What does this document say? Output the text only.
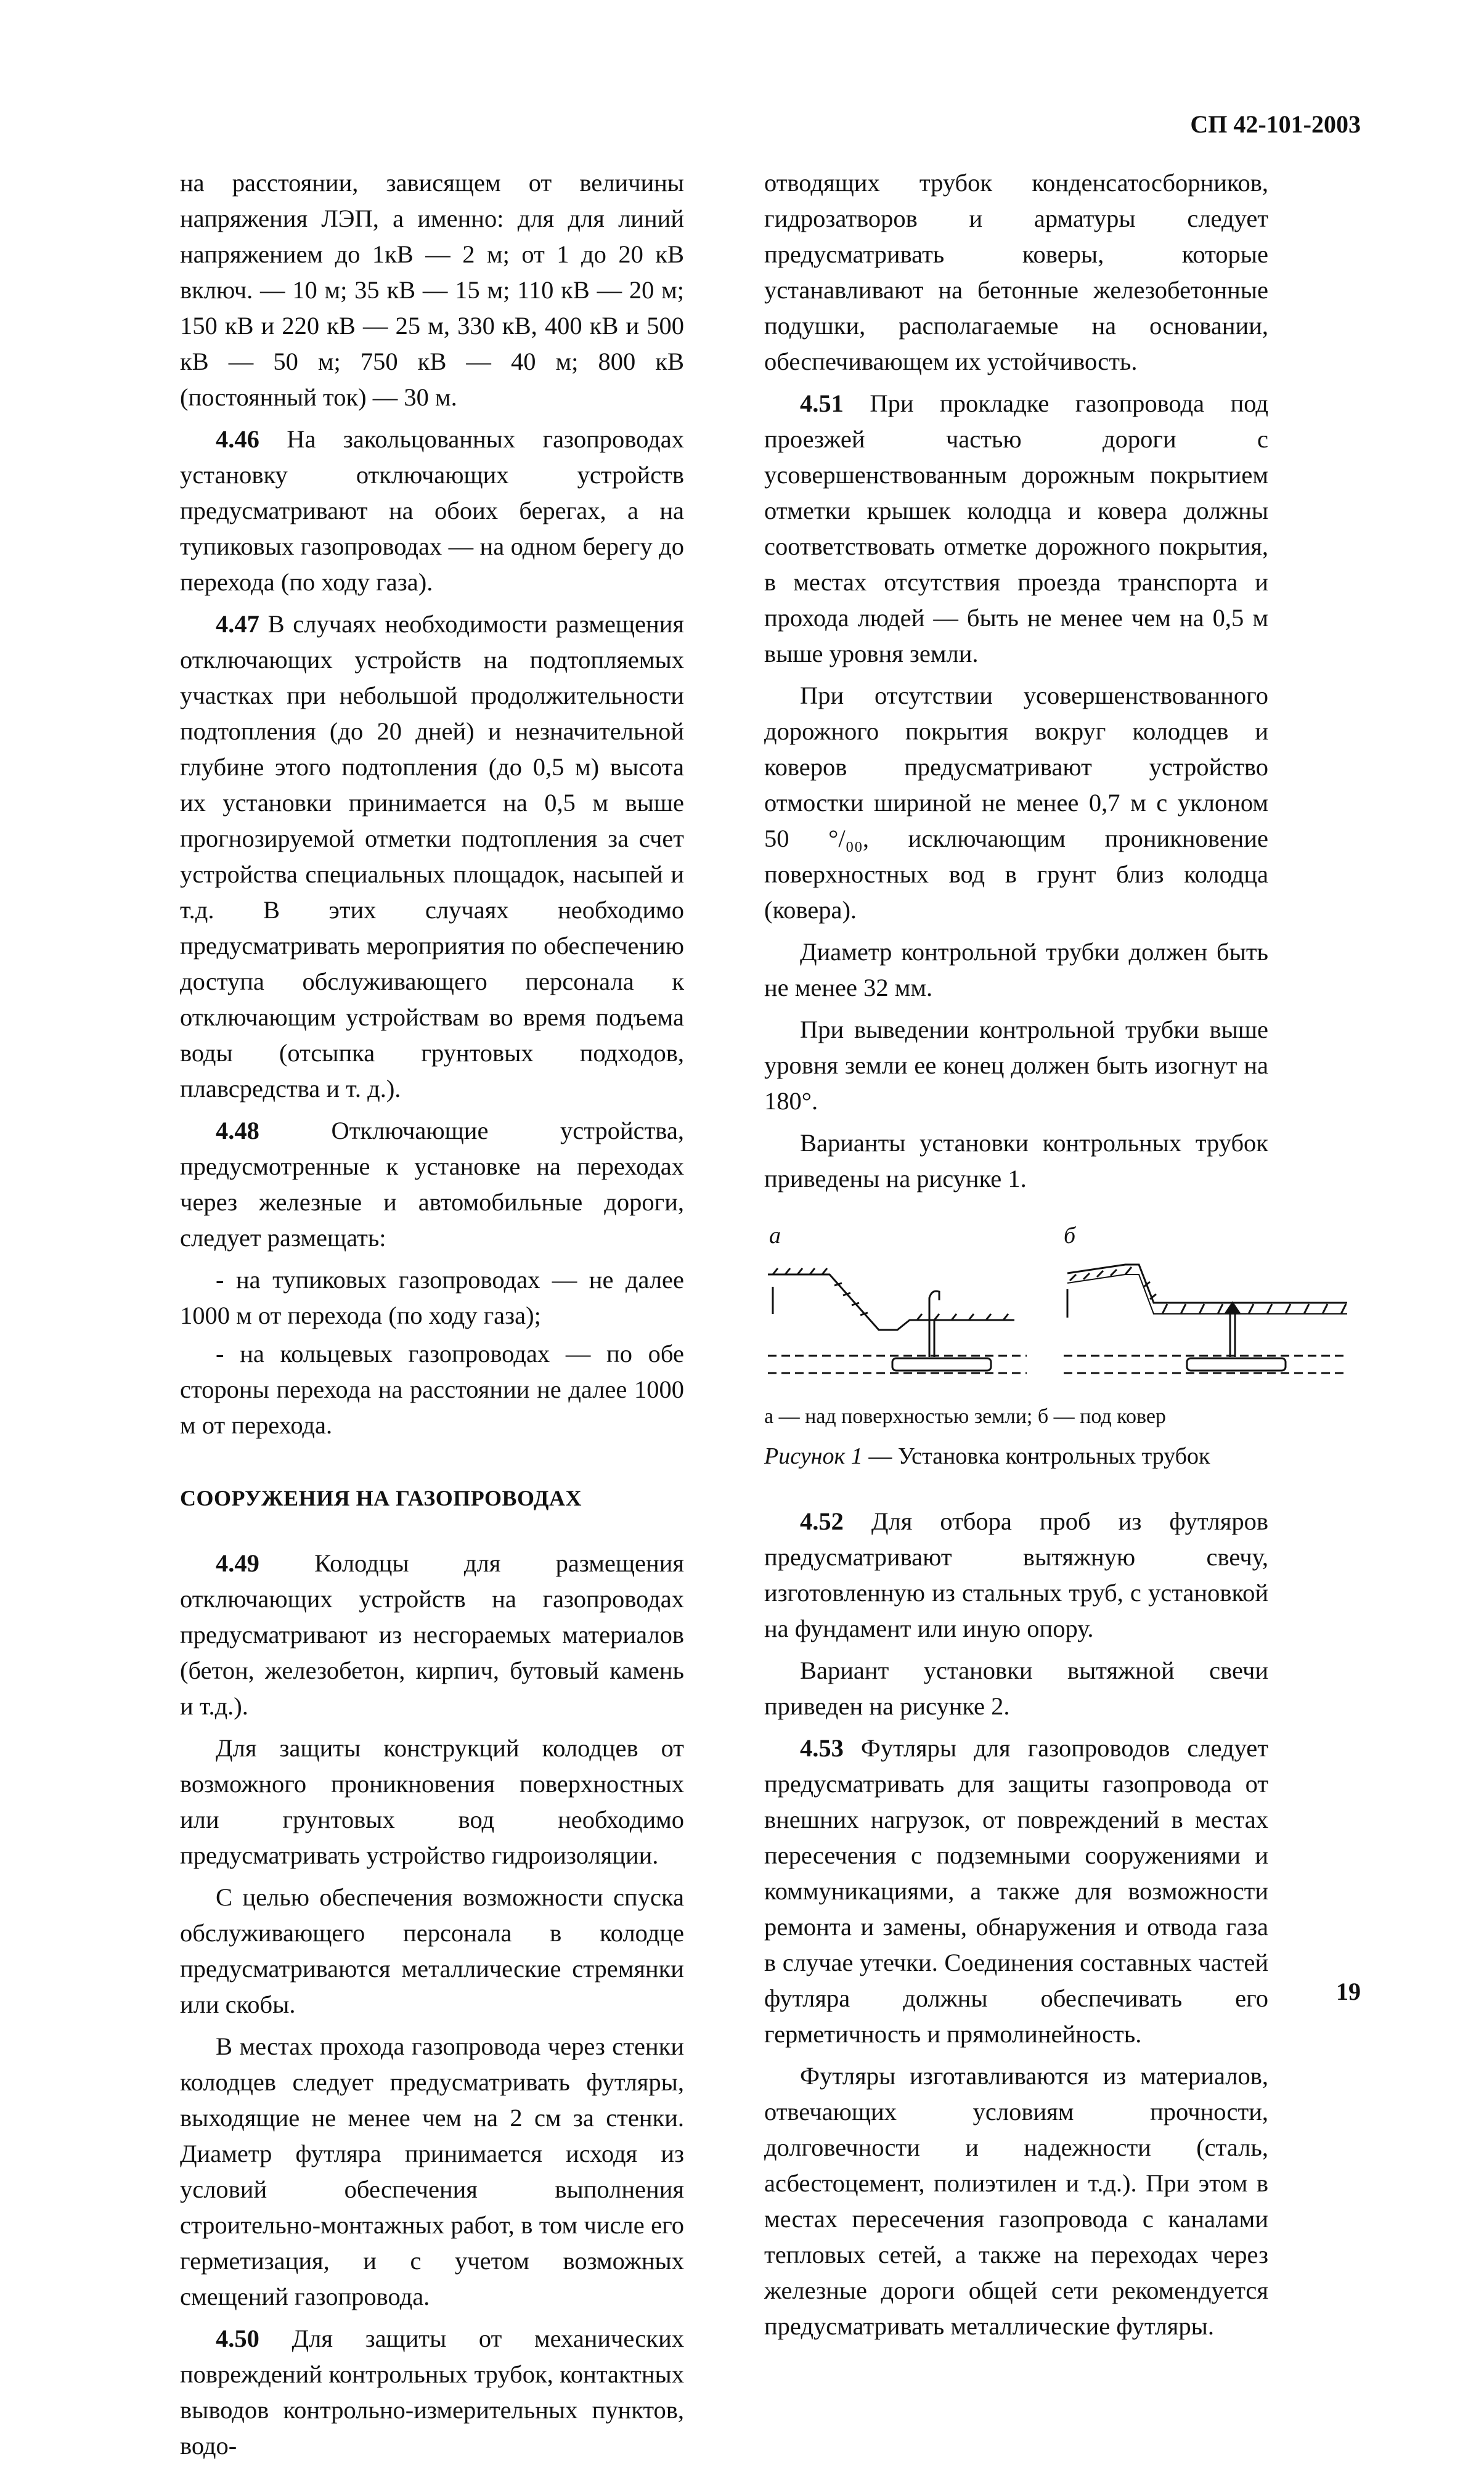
СП 42-101-2003

на расстоянии, зависящем от величины напряжения ЛЭП, а именно: для для линий напряжением до 1кВ — 2 м; от 1 до 20 кВ включ. — 10 м; 35 кВ — 15 м; 110 кВ — 20 м; 150 кВ и 220 кВ — 25 м, 330 кВ, 400 кВ и 500 кВ — 50 м; 750 кВ — 40 м; 800 кВ (постоянный ток) — 30 м.

4.46 На закольцованных газопроводах установку отключающих устройств предусматривают на обоих берегах, а на тупиковых газопроводах — на одном берегу до перехода (по ходу газа).

4.47 В случаях необходимости размещения отключающих устройств на подтопляемых участках при небольшой продолжительности подтопления (до 20 дней) и незначительной глубине этого подтопления (до 0,5 м) высота их установки принимается на 0,5 м выше прогнозируемой отметки подтопления за счет устройства специальных площадок, насыпей и т.д. В этих случаях необходимо предусматривать мероприятия по обеспечению доступа обслуживающего персонала к отключающим устройствам во время подъема воды (отсыпка грунтовых подходов, плавсредства и т. д.).

4.48 Отключающие устройства, предусмотренные к установке на переходах через железные и автомобильные дороги, следует размещать:

- на тупиковых газопроводах — не далее 1000 м от перехода (по ходу газа);

- на кольцевых газопроводах — по обе стороны перехода на расстоянии не далее 1000 м от перехода.

СООРУЖЕНИЯ НА ГАЗОПРОВОДАХ

4.49 Колодцы для размещения отключающих устройств на газопроводах предусматривают из несгораемых материалов (бетон, железобетон, кирпич, бутовый камень и т.д.).

Для защиты конструкций колодцев от возможного проникновения поверхностных или грунтовых вод необходимо предусматривать устройство гидроизоляции.

С целью обеспечения возможности спуска обслуживающего персонала в колодце предусматриваются металлические стремянки или скобы.

В местах прохода газопровода через стенки колодцев следует предусматривать футляры, выходящие не менее чем на 2 см за стенки. Диаметр футляра принимается исходя из условий обеспечения выполнения строительно-монтажных работ, в том числе его герметизация, и с учетом возможных смещений газопровода.

4.50 Для защиты от механических повреждений контрольных трубок, контактных выводов контрольно-измерительных пунктов, водо-

отводящих трубок конденсатосборников, гидрозатворов и арматуры следует предусматривать коверы, которые устанавливают на бетонные железобетонные подушки, располагаемые на основании, обеспечивающем их устойчивость.

4.51 При прокладке газопровода под проезжей частью дороги с усовершенствованным дорожным покрытием отметки крышек колодца и ковера должны соответствовать отметке дорожного покрытия, в местах отсутствия проезда транспорта и прохода людей — быть не менее чем на 0,5 м выше уровня земли.

При отсутствии усовершенствованного дорожного покрытия вокруг колодцев и коверов предусматривают устройство отмостки шириной не менее 0,7 м с уклоном 50 °/₀₀, исключающим проникновение поверхностных вод в грунт близ колодца (ковера).

Диаметр контрольной трубки должен быть не менее 32 мм.

При выведении контрольной трубки выше уровня земли ее конец должен быть изогнут на 180°.

Варианты установки контрольных трубок приведены на рисунке 1.

а	б

а — над поверхностью земли; б — под ковер

Рисунок 1 — Установка контрольных трубок

4.52 Для отбора проб из футляров предусматривают вытяжную свечу, изготовленную из стальных труб, с установкой на фундамент или иную опору.

Вариант установки вытяжной свечи приведен на рисунке 2.

4.53 Футляры для газопроводов следует предусматривать для защиты газопровода от внешних нагрузок, от повреждений в местах пересечения с подземными сооружениями и коммуникациями, а также для возможности ремонта и замены, обнаружения и отвода газа в случае утечки. Соединения составных частей футляра должны обеспечивать его герметичность и прямолинейность.

Футляры изготавливаются из материалов, отвечающих условиям прочности, долговечности и надежности (сталь, асбестоцемент, полиэтилен и т.д.). При этом в местах пересечения газопровода с каналами тепловых сетей, а также на переходах через железные дороги общей сети рекомендуется предусматривать металлические футляры.

19
